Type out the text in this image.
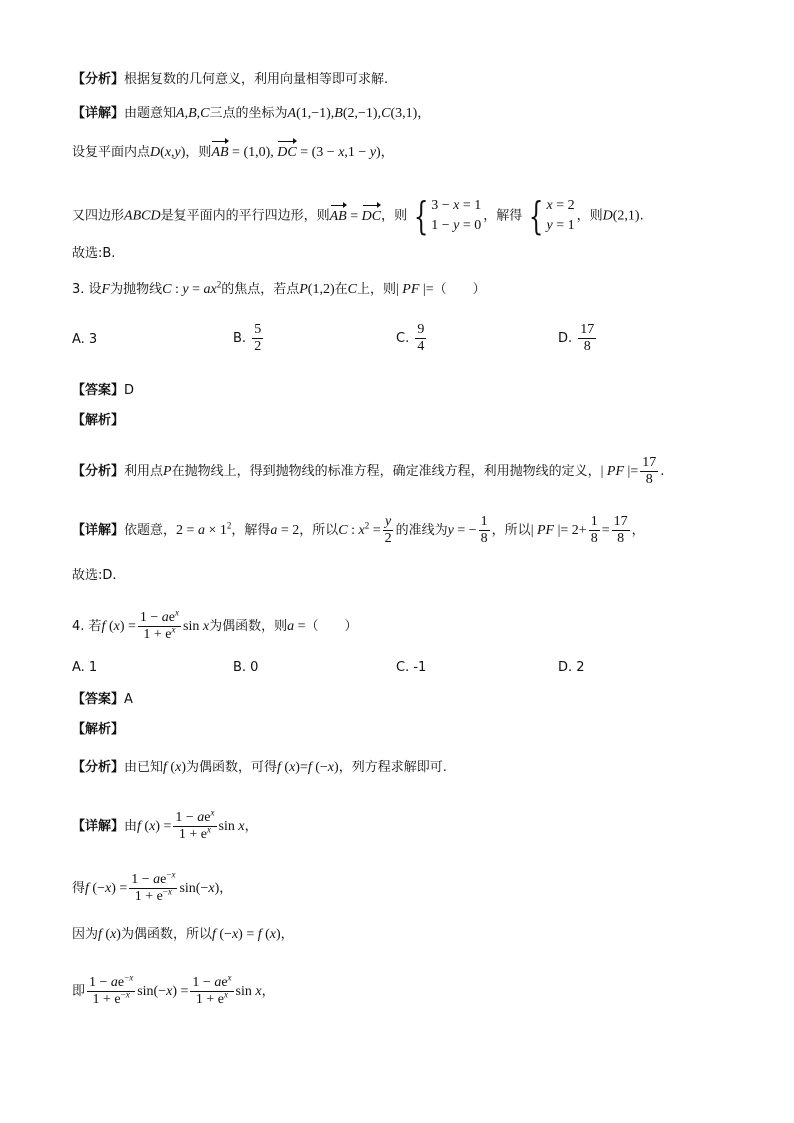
【分析】根据复数的几何意义，利用向量相等即可求解.
【详解】由题意知A,B,C三点的坐标为A(1,−1),B(2,−1),C(3,1)，
设复平面内点D(x,y)，则AB = (1,0), DC = (3 − x,1 − y)，
又四边形ABCD是复平面内的平行四边形，则AB = DC，则 { 3 − x = 1
1 − y = 0
，解得 { x = 2
y = 1
，则D(2,1).
故选:B.
3. 设F为抛物线C : $y = ax^2$的焦点，若点P(1,2)在C上，则| PF |=（　　）
A. 3	B. $\frac{5}{2}$	C. $\frac{9}{4}$	D. $\frac{17}{8}$
【答案】D
【解析】
【分析】利用点P在抛物线上，得到抛物线的标准方程，确定准线方程，利用抛物线的定义，| PF |= $\frac{17}{8}$ .
【详解】依题意，$2 = a \times 1^2$，解得a = 2，所以C : $x^2 = \frac{y}{2}$ 的准线为y = − $\frac{1}{8}$ ，所以| PF |= $2+ \frac{1}{8} = \frac{17}{8}$ ，
故选:D.
4. 若f $(x) = \frac{1 - ae^x}{1 + e^x}$ sin x为偶函数，则a =（　　）
A. 1	B. 0	C. -1	D. 2
【答案】A
【解析】
【分析】由已知f (x)为偶函数，可得f (x)=f (−x)，列方程求解即可.
【详解】由f $(x) = \frac{1 - ae^x}{1 + e^x}$ sin x，
得f $(-x) = \frac{1 - ae^{-x}}{1 + e^{-x}} \sin(-x)$，
因为f (x)为偶函数，所以f (−x) = f (x)，
即 $\frac{1 - ae^{-x}}{1 + e^{-x}} \sin(-x) = \frac{1 - ae^x}{1 + e^x}$ sin x，
